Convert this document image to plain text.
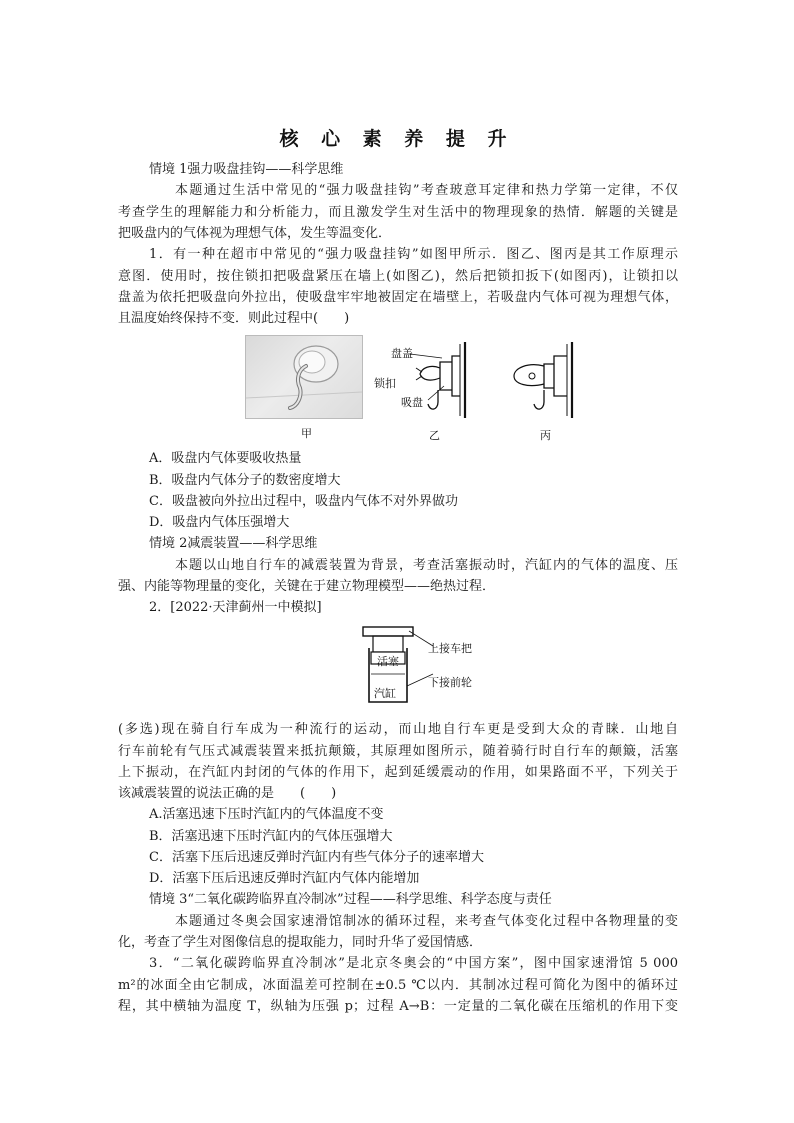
核 心 素 养 提 升
情境 1强力吸盘挂钩——科学思维
本题通过生活中常见的“强力吸盘挂钩”考查玻意耳定律和热力学第一定律，不仅
考查学生的理解能力和分析能力，而且激发学生对生活中的物理现象的热情．解题的关键是
把吸盘内的气体视为理想气体，发生等温变化．
1．有一种在超市中常见的“强力吸盘挂钩”如图甲所示．图乙、图丙是其工作原理示
意图．使用时，按住锁扣把吸盘紧压在墙上(如图乙)，然后把锁扣扳下(如图丙)，让锁扣以
盘盖为依托把吸盘向外拉出，使吸盘牢牢地被固定在墙壁上，若吸盘内气体可视为理想气体，
且温度始终保持不变．则此过程中(　　)
甲
盘盖
锁扣
吸盘
乙	丙
A．吸盘内气体要吸收热量
B．吸盘内气体分子的数密度增大
C．吸盘被向外拉出过程中，吸盘内气体不对外界做功
D．吸盘内气体压强增大
情境 2减震装置——科学思维
本题以山地自行车的减震装置为背景，考查活塞振动时，汽缸内的气体的温度、压
强、内能等物理量的变化，关键在于建立物理模型——绝热过程．
2．[2022·天津蓟州一中模拟]
活塞
汽缸
上接车把
下接前轮
(多选)现在骑自行车成为一种流行的运动，而山地自行车更是受到大众的青睐．山地自
行车前轮有气压式减震装置来抵抗颠簸，其原理如图所示，随着骑行时自行车的颠簸，活塞
上下振动，在汽缸内封闭的气体的作用下，起到延缓震动的作用，如果路面不平，下列关于
该减震装置的说法正确的是　　(　　)
A.活塞迅速下压时汽缸内的气体温度不变
B．活塞迅速下压时汽缸内的气体压强增大
C．活塞下压后迅速反弹时汽缸内有些气体分子的速率增大
D．活塞下压后迅速反弹时汽缸内气体内能增加
情境 3“二氧化碳跨临界直冷制冰”过程——科学思维、科学态度与责任
本题通过冬奥会国家速滑馆制冰的循环过程，来考查气体变化过程中各物理量的变
化，考查了学生对图像信息的提取能力，同时升华了爱国情感．
3．“二氧化碳跨临界直冷制冰”是北京冬奥会的“中国方案”，图中国家速滑馆 5 000
m²的冰面全由它制成，冰面温差可控制在±0.5 ℃以内．其制冰过程可简化为图中的循环过
程，其中横轴为温度 T，纵轴为压强 p；过程 A→B：一定量的二氧化碳在压缩机的作用下变
